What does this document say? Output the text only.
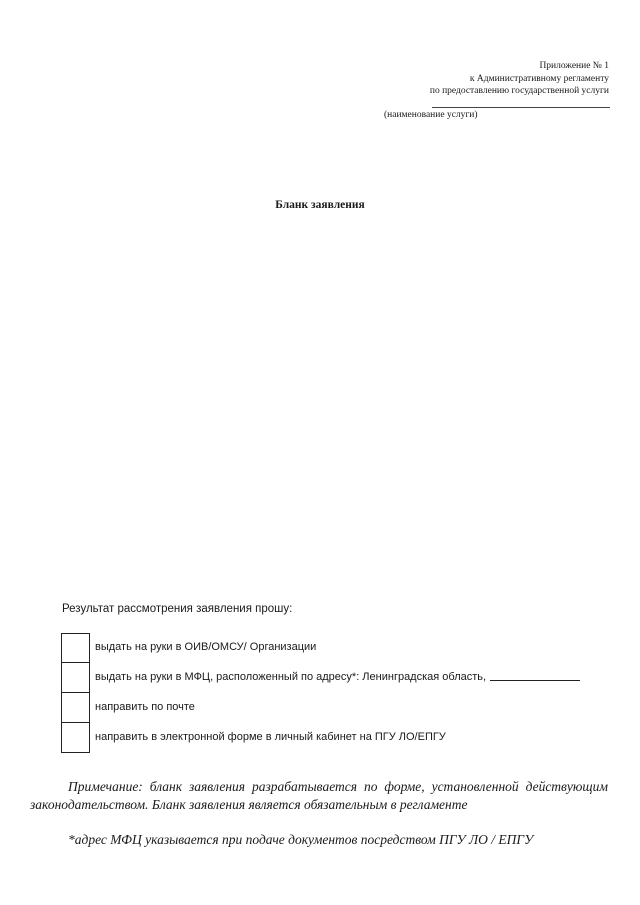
Приложение № 1
к Административному регламенту
по предоставлению государственной услуги
(наименование услуги)
Бланк заявления
Результат рассмотрения заявления прошу:
выдать на руки в ОИВ/ОМСУ/ Организации
выдать на руки в МФЦ, расположенный по адресу*: Ленинградская область,
направить по почте
направить в электронной форме в личный кабинет на ПГУ ЛО/ЕПГУ
Примечание: бланк заявления разрабатывается по форме, установленной действующим законодательством. Бланк заявления является обязательным в регламенте
*адрес МФЦ указывается при подаче документов посредством ПГУ ЛО / ЕПГУ
